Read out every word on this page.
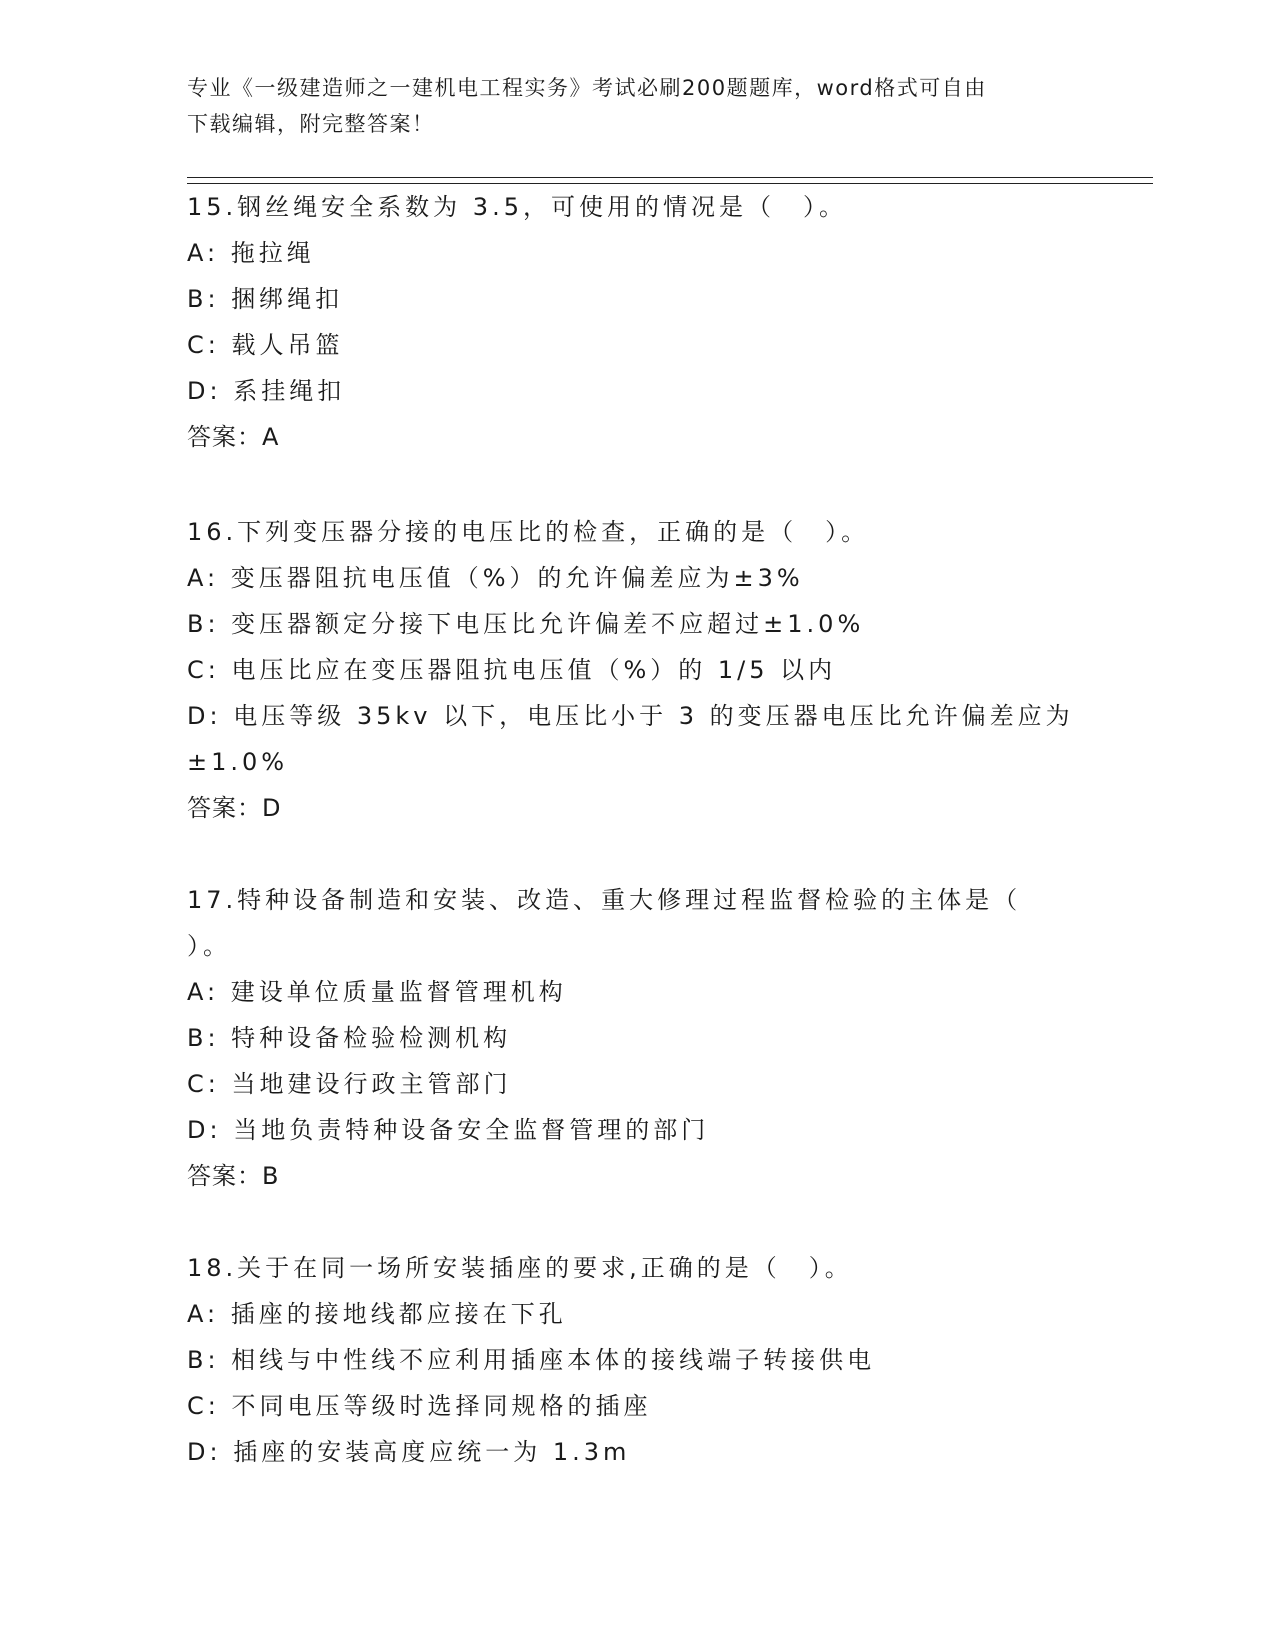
专业《一级建造师之一建机电工程实务》考试必刷200题题库，word格式可自由
下载编辑，附完整答案！
15.钢丝绳安全系数为 3.5，可使用的情况是（　）。
A: 拖拉绳
B: 捆绑绳扣
C: 载人吊篮
D: 系挂绳扣
答案：A
16.下列变压器分接的电压比的检查，正确的是（　）。
A: 变压器阻抗电压值（%）的允许偏差应为±3%
B: 变压器额定分接下电压比允许偏差不应超过±1.0%
C: 电压比应在变压器阻抗电压值（%）的 1/5 以内
D: 电压等级 35kv 以下，电压比小于 3 的变压器电压比允许偏差应为
±1.0%
答案：D
17.特种设备制造和安装、改造、重大修理过程监督检验的主体是（
）。
A: 建设单位质量监督管理机构
B: 特种设备检验检测机构
C: 当地建设行政主管部门
D: 当地负责特种设备安全监督管理的部门
答案：B
18.关于在同一场所安装插座的要求,正确的是（　）。
A: 插座的接地线都应接在下孔
B: 相线与中性线不应利用插座本体的接线端子转接供电
C: 不同电压等级时选择同规格的插座
D: 插座的安装高度应统一为 1.3m
